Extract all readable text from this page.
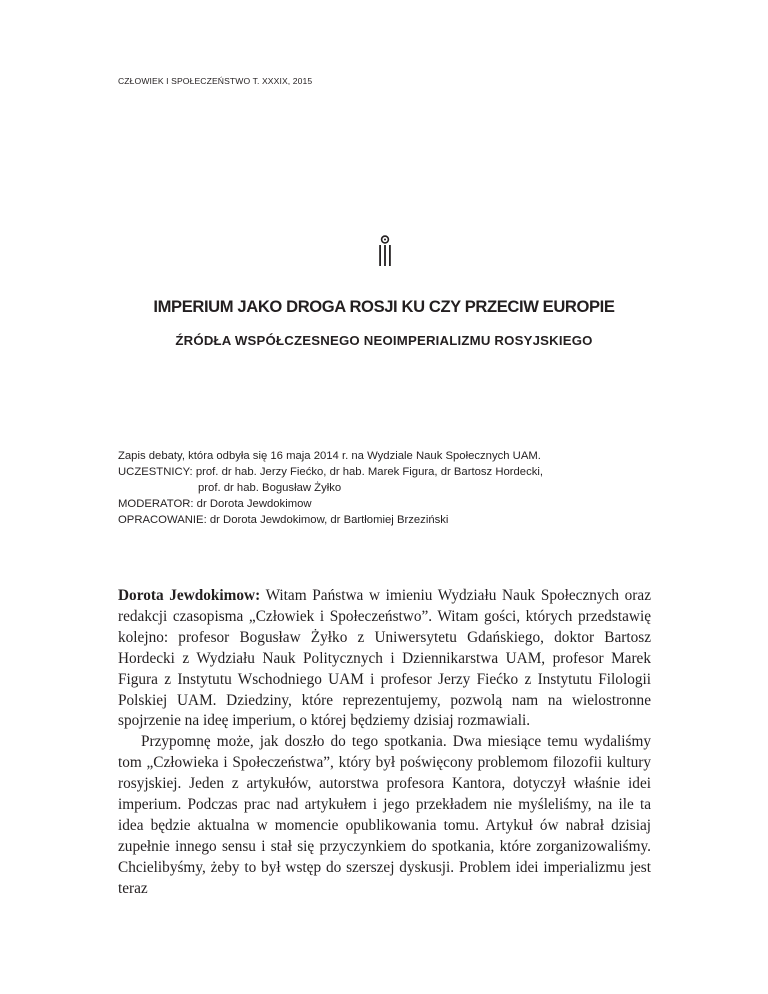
CZŁOWIEK I SPOŁECZEŃSTWO T. XXXIX, 2015
IMPERIUM JAKO DROGA ROSJI KU CZY PRZECIW EUROPIE
ŹRÓDŁA WSPÓŁCZESNEGO NEOIMPERIALIZMU ROSYJSKIEGO
Zapis debaty, która odbyła się 16 maja 2014 r. na Wydziale Nauk Społecznych UAM.
UCZESTNICY: prof. dr hab. Jerzy Fiećko, dr hab. Marek Figura, dr Bartosz Hordecki,
prof. dr hab. Bogusław Żyłko
MODERATOR: dr Dorota Jewdokimow
OPRACOWANIE: dr Dorota Jewdokimow, dr Bartłomiej Brzeziński

Dorota Jewdokimow: Witam Państwa w imieniu Wydziału Nauk Społecznych oraz redakcji czasopisma „Człowiek i Społeczeństwo”. Witam gości, których przedstawię kolejno: profesor Bogusław Żyłko z Uniwersytetu Gdańskiego, doktor Bartosz Hordecki z Wydziału Nauk Politycznych i Dziennikarstwa UAM, profesor Marek Figura z Instytutu Wschodniego UAM i profesor Jerzy Fiećko z Instytutu Filologii Polskiej UAM. Dziedziny, które reprezentujemy, pozwolą nam na wielostronne spojrzenie na ideę imperium, o której będziemy dzisiaj rozmawiali.

Przypomnę może, jak doszło do tego spotkania. Dwa miesiące temu wydaliśmy tom „Człowieka i Społeczeństwa”, który był poświęcony problemom filozofii kultury rosyjskiej. Jeden z artykułów, autorstwa profesora Kantora, dotyczył właśnie idei imperium. Podczas prac nad artykułem i jego przekładem nie myśleliśmy, na ile ta idea będzie aktualna w momencie opublikowania tomu. Artykuł ów nabrał dzisiaj zupełnie innego sensu i stał się przyczynkiem do spotkania, które zorganizowaliśmy. Chcielibyśmy, żeby to był wstęp do szerszej dyskusji. Problem idei imperializmu jest teraz
